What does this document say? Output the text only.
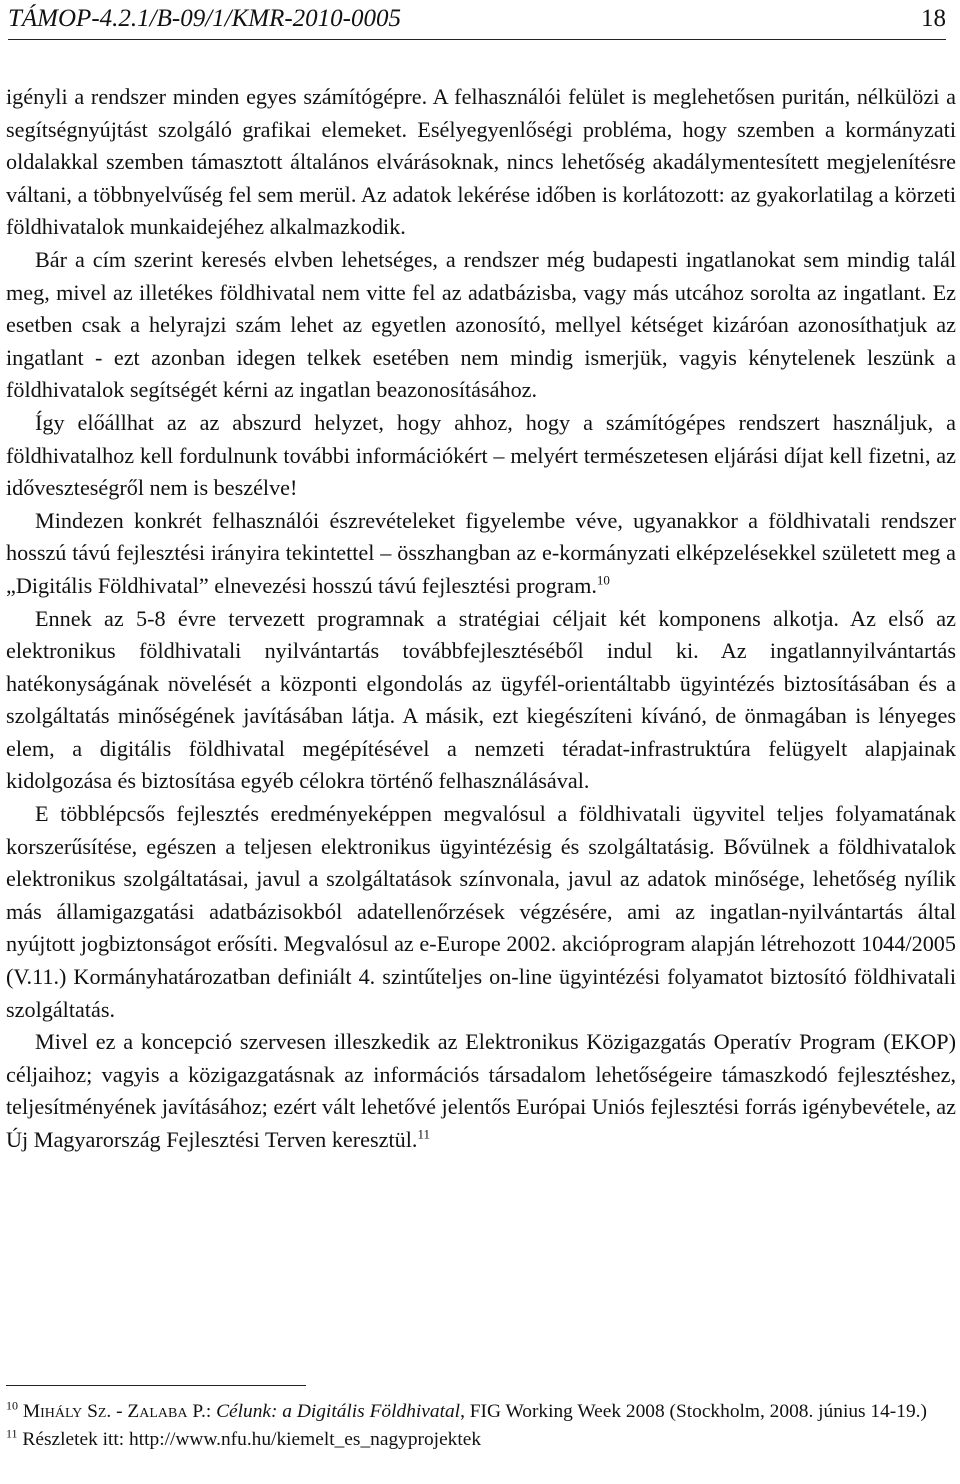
TÁMOP-4.2.1/B-09/1/KMR-2010-0005	18

igényli a rendszer minden egyes számítógépre. A felhasználói felület is meglehetősen puritán, nélkülözi a segítségnyújtást szolgáló grafikai elemeket. Esélyegyenlőségi probléma, hogy szemben a kormányzati oldalakkal szemben támasztott általános elvárásoknak, nincs lehetőség akadálymentesített megjelenítésre váltani, a többnyelvűség fel sem merül. Az adatok lekérése időben is korlátozott: az gyakorlatilag a körzeti földhivatalok munkaidejéhez alkalmazkodik.

Bár a cím szerint keresés elvben lehetséges, a rendszer még budapesti ingatlanokat sem mindig talál meg, mivel az illetékes földhivatal nem vitte fel az adatbázisba, vagy más utcához sorolta az ingatlant. Ez esetben csak a helyrajzi szám lehet az egyetlen azonosító, mellyel kétséget kizáróan azonosíthatjuk az ingatlant - ezt azonban idegen telkek esetében nem mindig ismerjük, vagyis kénytelenek leszünk a földhivatalok segítségét kérni az ingatlan beazonosításához.

Így előállhat az az abszurd helyzet, hogy ahhoz, hogy a számítógépes rendszert használjuk, a földhivatalhoz kell fordulnunk további információkért – melyért természetesen eljárási díjat kell fizetni, az időveszteségről nem is beszélve!

Mindezen konkrét felhasználói észrevételeket figyelembe véve, ugyanakkor a földhivatali rendszer hosszú távú fejlesztési irányira tekintettel – összhangban az e-kormányzati elképzelésekkel született meg a „Digitális Földhivatal” elnevezési hosszú távú fejlesztési program.$^{10}$

Ennek az 5-8 évre tervezett programnak a stratégiai céljait két komponens alkotja. Az első az elektronikus földhivatali nyilvántartás továbbfejlesztéséből indul ki. Az ingatlannyilvántartás hatékonyságának növelését a központi elgondolás az ügyfél-orientáltabb ügyintézés biztosításában és a szolgáltatás minőségének javításában látja. A másik, ezt kiegészíteni kívánó, de önmagában is lényeges elem, a digitális földhivatal megépítésével a nemzeti téradat-infrastruktúra felügyelt alapjainak kidolgozása és biztosítása egyéb célokra történő felhasználásával.

E többlépcsős fejlesztés eredményeképpen megvalósul a földhivatali ügyvitel teljes folyamatának korszerűsítése, egészen a teljesen elektronikus ügyintézésig és szolgáltatásig. Bővülnek a földhivatalok elektronikus szolgáltatásai, javul a szolgáltatások színvonala, javul az adatok minősége, lehetőség nyílik más államigazgatási adatbázisokból adatellenőrzések végzésére, ami az ingatlan-nyilvántartás által nyújtott jogbiztonságot erősíti. Megvalósul az e-Europe 2002. akcióprogram alapján létrehozott 1044/2005 (V.11.) Kormányhatározatban definiált 4. szintűteljes on-line ügyintézési folyamatot biztosító földhivatali szolgáltatás.

Mivel ez a koncepció szervesen illeszkedik az Elektronikus Közigazgatás Operatív Program (EKOP) céljaihoz; vagyis a közigazgatásnak az információs társadalom lehetőségeire támaszkodó fejlesztéshez, teljesítményének javításához; ezért vált lehetővé jelentős Európai Uniós fejlesztési forrás igénybevétele, az Új Magyarország Fejlesztési Terven keresztül.$^{11}$

$^{10}$ Mihály Sz. - Zalaba P.: Célunk: a Digitális Földhivatal, FIG Working Week 2008 (Stockholm, 2008. június 14-19.)

$^{11}$ Részletek itt: http://www.nfu.hu/kiemelt_es_nagyprojektek
